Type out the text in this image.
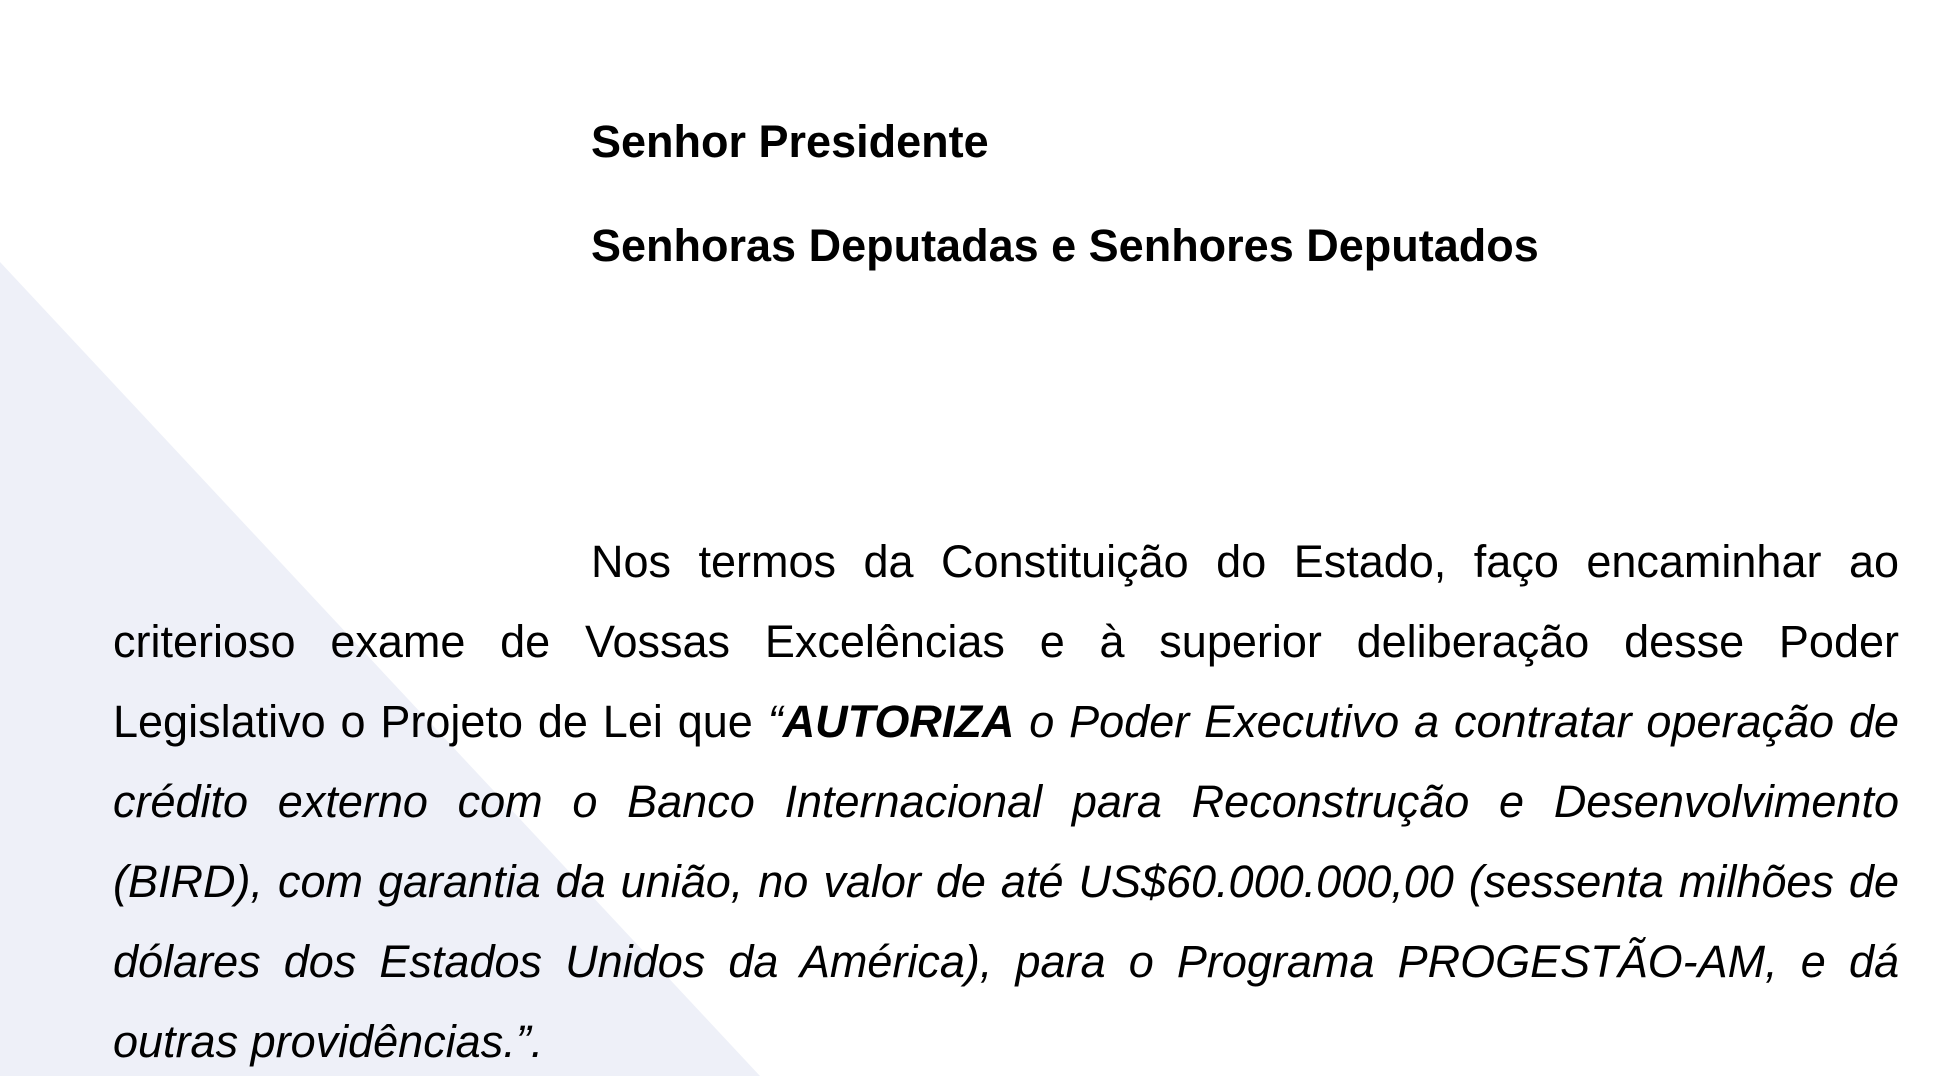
Senhor Presidente
Senhoras Deputadas e Senhores Deputados

Nos termos da Constituição do Estado, faço encaminhar ao criterioso exame de Vossas Excelências e à superior deliberação desse Poder Legislativo o Projeto de Lei que “AUTORIZA o Poder Executivo a contratar operação de crédito externo com o Banco Internacional para Reconstrução e Desenvolvimento (BIRD), com garantia da união, no valor de até US$60.000.000,00 (sessenta milhões de dólares dos Estados Unidos da América), para o Programa PROGESTÃO-AM, e dá outras providências.”.
